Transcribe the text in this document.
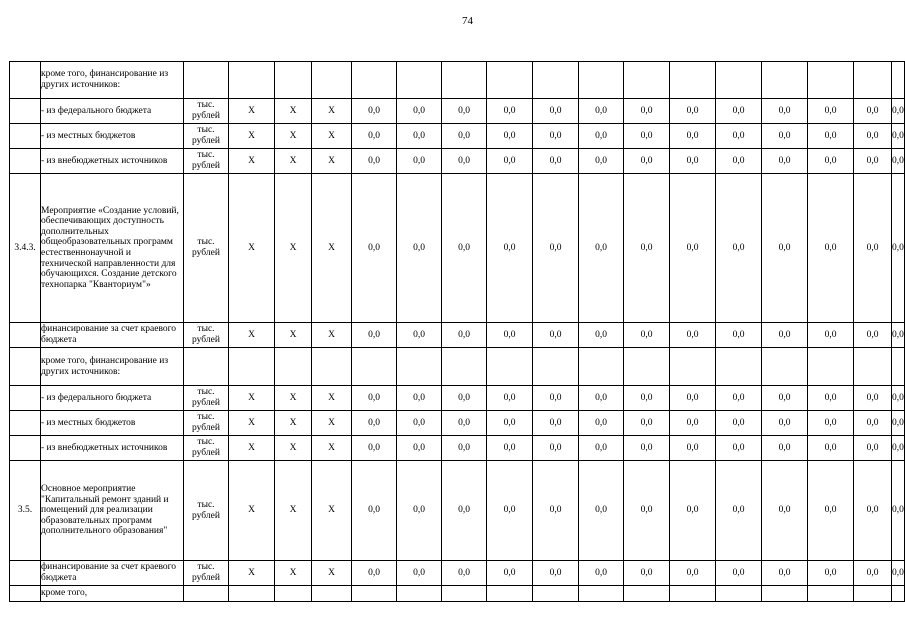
74
	кроме того, финансирование из других источников:																	
	- из федерального бюджета	тыс. рублей	X	X	X	0,0	0,0	0,0	0,0	0,0	0,0	0,0	0,0	0,0	0,0	0,0	0,0	0,0
	- из местных бюджетов	тыс. рублей	X	X	X	0,0	0,0	0,0	0,0	0,0	0,0	0,0	0,0	0,0	0,0	0,0	0,0	0,0
	- из внебюджетных источников	тыс. рублей	X	X	X	0,0	0,0	0,0	0,0	0,0	0,0	0,0	0,0	0,0	0,0	0,0	0,0	0,0
3.4.3.	Мероприятие «Создание условий, обеспечивающих доступность дополнительных общеобразовательных программ естественнонаучной и технической направленности для обучающихся. Создание детского технопарка "Кванториум"»	тыс. рублей	X	X	X	0,0	0,0	0,0	0,0	0,0	0,0	0,0	0,0	0,0	0,0	0,0	0,0	0,0
	финансирование за счет краевого бюджета	тыс. рублей	X	X	X	0,0	0,0	0,0	0,0	0,0	0,0	0,0	0,0	0,0	0,0	0,0	0,0	0,0
	кроме того, финансирование из других источников:																	
	- из федерального бюджета	тыс. рублей	X	X	X	0,0	0,0	0,0	0,0	0,0	0,0	0,0	0,0	0,0	0,0	0,0	0,0	0,0
	- из местных бюджетов	тыс. рублей	X	X	X	0,0	0,0	0,0	0,0	0,0	0,0	0,0	0,0	0,0	0,0	0,0	0,0	0,0
	- из внебюджетных источников	тыс. рублей	X	X	X	0,0	0,0	0,0	0,0	0,0	0,0	0,0	0,0	0,0	0,0	0,0	0,0	0,0
3.5.	Основное мероприятие "Капитальный ремонт зданий и помещений для реализации образовательных программ дополнительного образования"	тыс. рублей	X	X	X	0,0	0,0	0,0	0,0	0,0	0,0	0,0	0,0	0,0	0,0	0,0	0,0	0,0
	финансирование за счет краевого бюджета	тыс. рублей	X	X	X	0,0	0,0	0,0	0,0	0,0	0,0	0,0	0,0	0,0	0,0	0,0	0,0	0,0
	кроме того,																	
